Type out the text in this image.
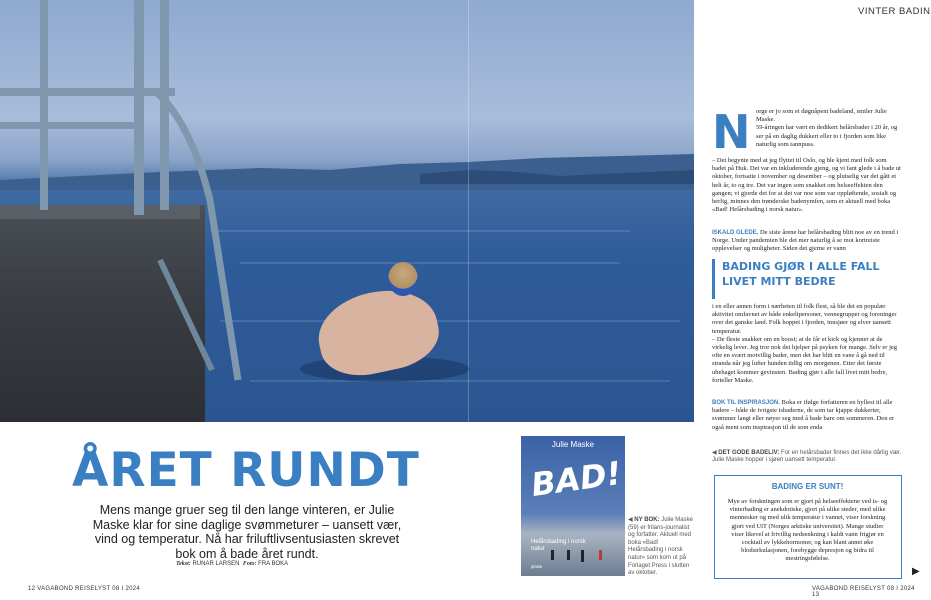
ÅRET RUNDT

Mens mange gruer seg til den lange vinteren, er Julie Maske klar for sine daglige svømmeturer – uansett vær, vind og temperatur. Nå har friluftlivsentusiasten skrevet bok om å bade året rundt.

Tekst: RUNAR LARSEN Foto: FRA BOKA
12 VAGABOND REISELYST 08 I 2024
Julie Maske
BAD!
Helårsbading i norsk natur
pirate
◀ NY BOK: Julie Maske (59) er frilans-journalist og forfatter. Aktuell med boka «Bad! Helårsbading i norsk natur» som kom ut på Forlaget Press i slutten av oktober.
VINTER BADIN
N orge er jo som et døgnåpent badeland, smiler Julie Maske.
59-åringen har vært en dedikert helårsbader i 20 år, og ser på en daglig dukkert eller to i fjorden som like naturlig som tannpuss.
– Det begynte med at jeg flyttet til Oslo, og ble kjent med folk som badet på Huk. Det var en inkluderende gjeng, og vi fant glede i å bade ut oktober, fortsatte i november og desember – og plutselig var det gått et helt år, to og tre. Det var ingen som snakket om helseeffekten den gangen; vi gjorde det for at det var noe som var oppløftende, sosialt og herlig, minnes den trønderske badenymfen, som er aktuell med boka «Bad! Helårsbading i norsk natur».
ISKALD GLEDE. De siste årene har helårsbading blitt noe av en trend i Norge. Under pandemien ble det mer naturlig å se mot kortreiste opplevelser og muligheter. Siden det gjerne er vann
BADING GJØR I ALLE FALL LIVET MITT BEDRE
i en eller annen form i nærheten til folk flest, så ble det en populær aktivitet omfavnet av både enkeltpersoner, vennegrupper og foreninger over det ganske land. Folk hoppet i fjorden, innsjøer og elver uansett temperatur.
– De fleste snakker om en boost; at de får et kick og kjenner at de virkelig lever. Jeg tror nok det hjelper på psyken for mange. Selv er jeg ofte en svært motvillig bader, men det har blitt en vane å gå ned til stranda når jeg lufter hunden tidlig om morgenen. Etter det første ubehaget kommer gevinsten. Bading gjør i alle fall livet mitt bedre, forteller Maske.
BOK TIL INSPIRASJON. Boka er ifølge forfatteren en hyllest til alle badere – både de ivrigste isbaderne, de som tar kjappe dukkerter, svømmer langt eller nøyer seg med å bade bare om sommeren. Den er også ment som inspirasjon til de som enda
◀ DET GODE BADELIV: For en helårsbader finnes det ikke dårlig vær. Julie Maske hopper i sjøen uansett temperatur.
BADING ER SUNT!
Mye av forskningen som er gjort på helseeffektene ved is- og vinterbading er anekdotiske, gjort på ulike steder, med ulike mennesker og med ulik temperatur i vannet, viser forskning gjort ved UiT (Norges arktiske universitet). Mange studier viser likevel at frivillig nedsenkning i kaldt vann frigjør en cocktail av lykkehormoner, og kan blant annet øke blodsirkulasjonen, forebygge depresjon og bidra til mestringsfølelse.
▶
VAGABOND REISELYST 08 I 2024 13
